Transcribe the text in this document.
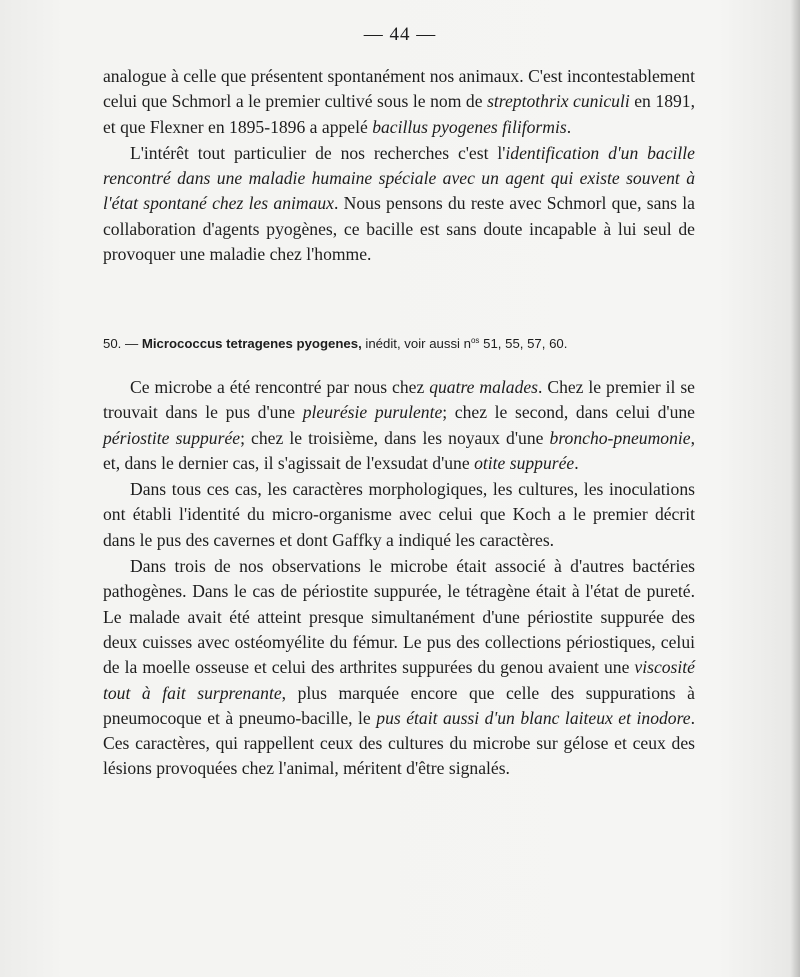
— 44 —

analogue à celle que présentent spontanément nos animaux. C'est incontestablement celui que Schmorl a le premier cultivé sous le nom de streptothrix cuniculi en 1891, et que Flexner en 1895-1896 a appelé bacillus pyogenes filiformis.

L'intérêt tout particulier de nos recherches c'est l'identification d'un bacille rencontré dans une maladie humaine spéciale avec un agent qui existe souvent à l'état spontané chez les animaux. Nous pensons du reste avec Schmorl que, sans la collaboration d'agents pyogènes, ce bacille est sans doute incapable à lui seul de provoquer une maladie chez l'homme.

50. — Micrococcus tetragenes pyogenes, inédit, voir aussi $n^{os}$ 51, 55, 57, 60.

Ce microbe a été rencontré par nous chez quatre malades. Chez le premier il se trouvait dans le pus d'une pleurésie purulente; chez le second, dans celui d'une périostite suppurée; chez le troisième, dans les noyaux d'une broncho-pneumonie, et, dans le dernier cas, il s'agissait de l'exsudat d'une otite suppurée.

Dans tous ces cas, les caractères morphologiques, les cultures, les inoculations ont établi l'identité du micro-organisme avec celui que Koch a le premier décrit dans le pus des cavernes et dont Gaffky a indiqué les caractères.

Dans trois de nos observations le microbe était associé à d'autres bactéries pathogènes. Dans le cas de périostite suppurée, le tétragène était à l'état de pureté. Le malade avait été atteint presque simultanément d'une périostite suppurée des deux cuisses avec ostéomyélite du fémur. Le pus des collections périostiques, celui de la moelle osseuse et celui des arthrites suppurées du genou avaient une viscosité tout à fait surprenante, plus marquée encore que celle des suppurations à pneumocoque et à pneumo-bacille, le pus était aussi d'un blanc laiteux et inodore. Ces caractères, qui rappellent ceux des cultures du microbe sur gélose et ceux des lésions provoquées chez l'animal, méritent d'être signalés.
